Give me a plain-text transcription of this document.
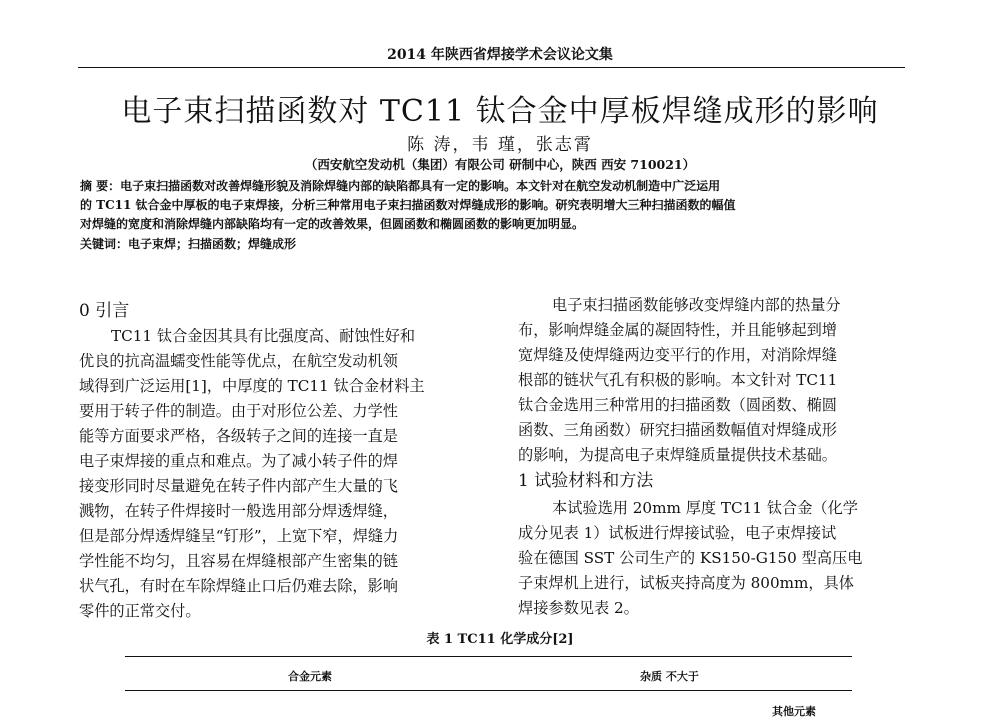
2014 年陕西省焊接学术会议论文集
电子束扫描函数对 TC11 钛合金中厚板焊缝成形的影响
陈 涛，韦 瑾，张志霄
（西安航空发动机（集团）有限公司 研制中心，陕西 西安 710021）
摘 要：电子束扫描函数对改善焊缝形貌及消除焊缝内部的缺陷都具有一定的影响。本文针对在航空发动机制造中广泛运用
的 TC11 钛合金中厚板的电子束焊接，分析三种常用电子束扫描函数对焊缝成形的影响。研究表明增大三种扫描函数的幅值
对焊缝的宽度和消除焊缝内部缺陷均有一定的改善效果，但圆函数和椭圆函数的影响更加明显。
关键词：电子束焊；扫描函数；焊缝成形
0 引言
TC11 钛合金因其具有比强度高、耐蚀性好和
优良的抗高温蠕变性能等优点，在航空发动机领
域得到广泛运用[1]，中厚度的 TC11 钛合金材料主
要用于转子件的制造。由于对形位公差、力学性
能等方面要求严格，各级转子之间的连接一直是
电子束焊接的重点和难点。为了减小转子件的焊
接变形同时尽量避免在转子件内部产生大量的飞
溅物，在转子件焊接时一般选用部分焊透焊缝，
但是部分焊透焊缝呈“钉形”，上宽下窄，焊缝力
学性能不均匀，且容易在焊缝根部产生密集的链
状气孔，有时在车除焊缝止口后仍难去除，影响
零件的正常交付。
电子束扫描函数能够改变焊缝内部的热量分
布，影响焊缝金属的凝固特性，并且能够起到增
宽焊缝及使焊缝两边变平行的作用，对消除焊缝
根部的链状气孔有积极的影响。本文针对 TC11
钛合金选用三种常用的扫描函数（圆函数、椭圆
函数、三角函数）研究扫描函数幅值对焊缝成形
的影响，为提高电子束焊缝质量提供技术基础。
1 试验材料和方法
本试验选用 20mm 厚度 TC11 钛合金（化学
成分见表 1）试板进行焊接试验，电子束焊接试
验在德国 SST 公司生产的 KS150-G150 型高压电
子束焊机上进行，试板夹持高度为 800mm，具体
焊接参数见表 2。
表 1 TC11 化学成分[2]
合金元素	杂质 不大于
其他元素
